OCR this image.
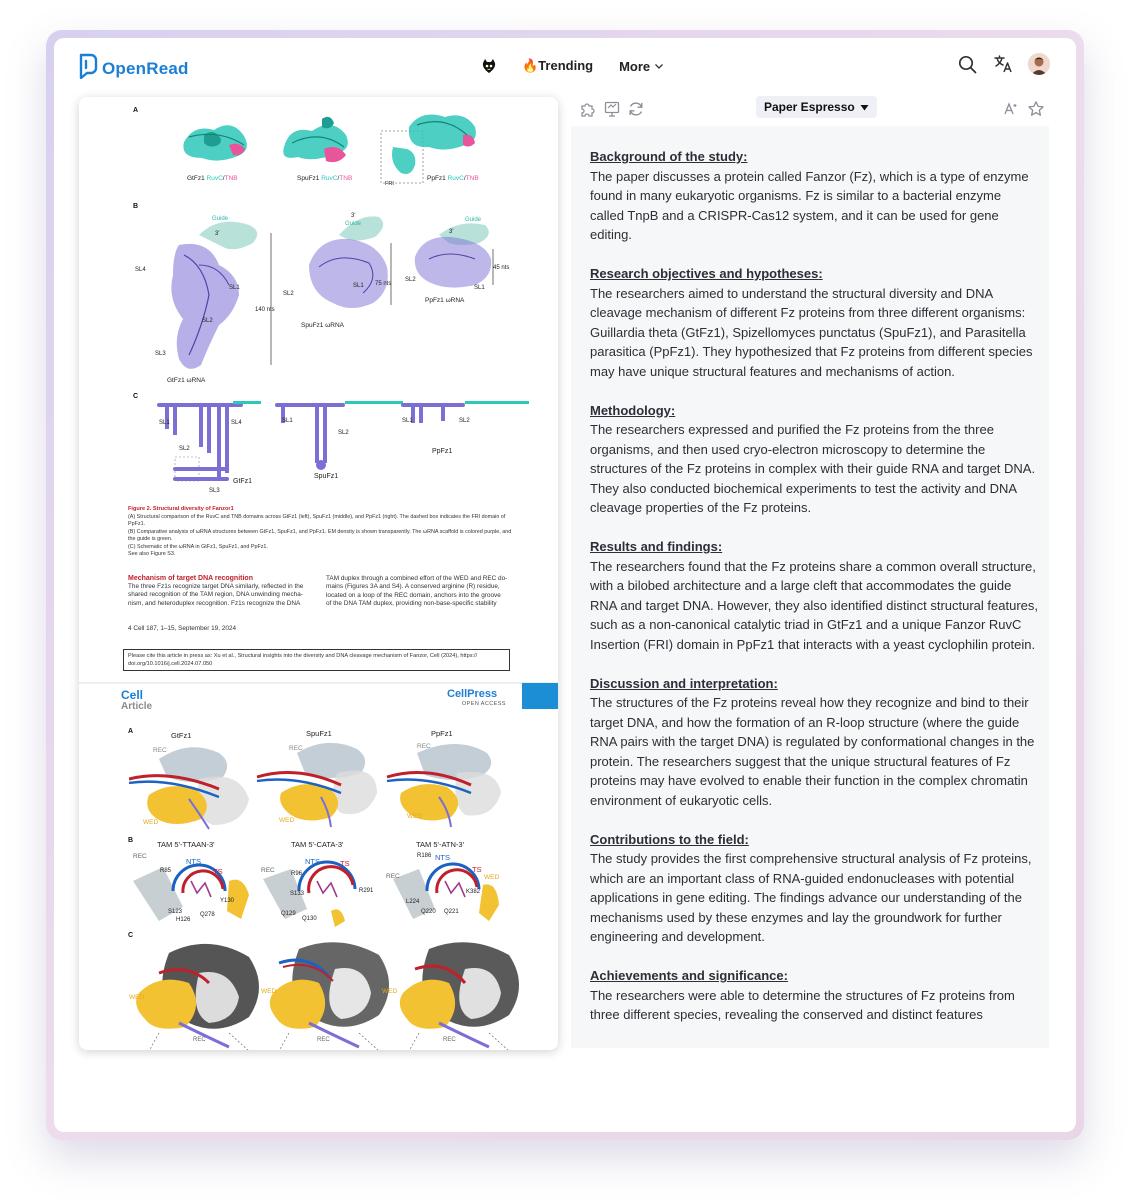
OpenRead	🔥Trending More
A
GtFz1 RuvC/TNB	SpuFz1 RuvC/TNB
FRI
PpFz1 RuvC/TNB
B
Guide
3'
SL4
SL1
SL2
SL3
140 nts
GtFz1 ωRNA
Guide
3'
SL1
SL2
75 nts
SpuFz1 ωRNA
Guide
3'
SL2
SL1
45 nts
PpFz1 ωRNA
C
SL1	SL4
SL2
SL3
GtFz1
SL1
SL2
SpuFz1
SL1	SL2
PpFz1
Figure 2. Structural diversity of Fanzor1
(A) Structural comparison of the RuvC and TNB domains across GtFz1 (left), SpuFz1 (middle), and PpFz1 (right). The dashed box indicates the FRI domain of
PpFz1.
(B) Comparative analysis of ωRNA structures between GtFz1, SpuFz1, and PpFz1. EM density is shown transparently. The ωRNA scaffold is colored purple, and
the guide is green.
(C) Schematic of the ωRNA in GtFz1, SpuFz1, and PpFz1.
See also Figure S3.
Mechanism of target DNA recognition
The three Fz1s recognize target DNA similarly, reflected in the
shared recognition of the TAM region, DNA unwinding mecha-
nism, and heteroduplex recognition. Fz1s recognize the DNA
TAM duplex through a combined effort of the WED and REC do-
mains (Figures 3A and S4). A conserved arginine (R) residue,
located on a loop of the REC domain, anchors into the groove
of the DNA TAM duplex, providing non-base-specific stability
4 Cell 187, 1–15, September 19, 2024
Please cite this article in press as: Xu et al., Structural insights into the diversity and DNA cleavage mechanism of Fanzor, Cell (2024), https://
doi.org/10.1016/j.cell.2024.07.050
Cell
Article
CellPress
OPEN ACCESS
A	GtFz1	SpuFz1	PpFz1
REC	REC	REC
WED	WED
WED
B	TAM 5'-TTAAN-3'	TAM 5'-CATA-3'	TAM 5'-ATN-3'
REC
R85
NTS
TS
S123
H126
Q278
Y130
REC	R96
NTS	TS
S133
Q129
Q130
R291
REC
R186 NTS
TS
WED
K382
L224
Q220 Q221
C
WED
WED	WED
REC	REC	REC
Paper Espresso
Background of the study:
The paper discusses a protein called Fanzor (Fz), which is a type of enzyme found in many eukaryotic organisms. Fz is similar to a bacterial enzyme called TnpB and a CRISPR-Cas12 system, and it can be used for gene editing.
Research objectives and hypotheses:
The researchers aimed to understand the structural diversity and DNA cleavage mechanism of different Fz proteins from three different organisms: Guillardia theta (GtFz1), Spizellomyces punctatus (SpuFz1), and Parasitella parasitica (PpFz1). They hypothesized that Fz proteins from different species may have unique structural features and mechanisms of action.
Methodology:
The researchers expressed and purified the Fz proteins from the three organisms, and then used cryo-electron microscopy to determine the structures of the Fz proteins in complex with their guide RNA and target DNA. They also conducted biochemical experiments to test the activity and DNA cleavage properties of the Fz proteins.
Results and findings:
The researchers found that the Fz proteins share a common overall structure, with a bilobed architecture and a large cleft that accommodates the guide RNA and target DNA. However, they also identified distinct structural features, such as a non-canonical catalytic triad in GtFz1 and a unique Fanzor RuvC Insertion (FRI) domain in PpFz1 that interacts with a yeast cyclophilin protein.
Discussion and interpretation:
The structures of the Fz proteins reveal how they recognize and bind to their target DNA, and how the formation of an R-loop structure (where the guide RNA pairs with the target DNA) is regulated by conformational changes in the protein. The researchers suggest that the unique structural features of Fz proteins may have evolved to enable their function in the complex chromatin environment of eukaryotic cells.
Contributions to the field:
The study provides the first comprehensive structural analysis of Fz proteins, which are an important class of RNA-guided endonucleases with potential applications in gene editing. The findings advance our understanding of the mechanisms used by these enzymes and lay the groundwork for further engineering and development.
Achievements and significance:
The researchers were able to determine the structures of Fz proteins from three different species, revealing the conserved and distinct features
